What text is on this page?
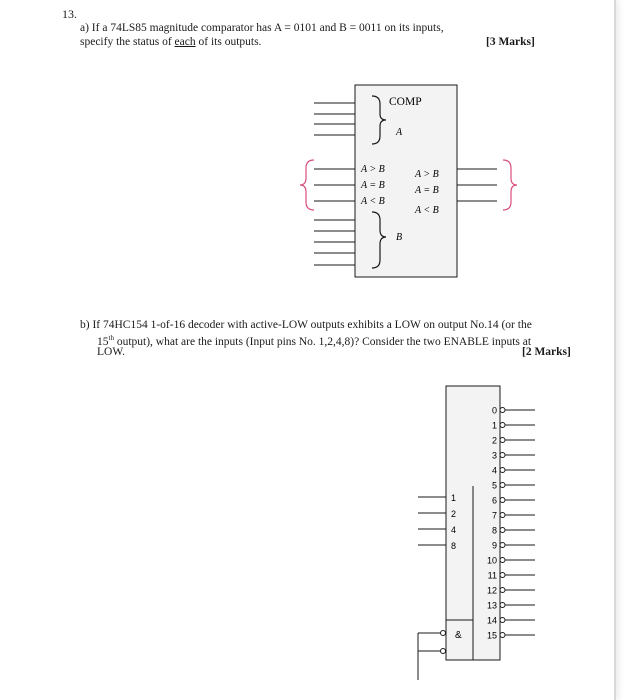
13.
a) If a 74LS85 magnitude comparator has A = 0101 and B = 0011 on its inputs,
specify the status of each of its outputs.	[3 Marks]
COMP
A
B
A > B
A = B
A < B
A > B
A = B
A < B
b) If 74HC154 1-of-16 decoder with active-LOW outputs exhibits a LOW on output No.14 (or the
15th output), what are the inputs (Input pins No. 1,2,4,8)? Consider the two ENABLE inputs at
LOW.	[2 Marks]
&
1
2
4
8
0
1
2
3
4
5
6
7
8
9
10
11
12
13
14
15
